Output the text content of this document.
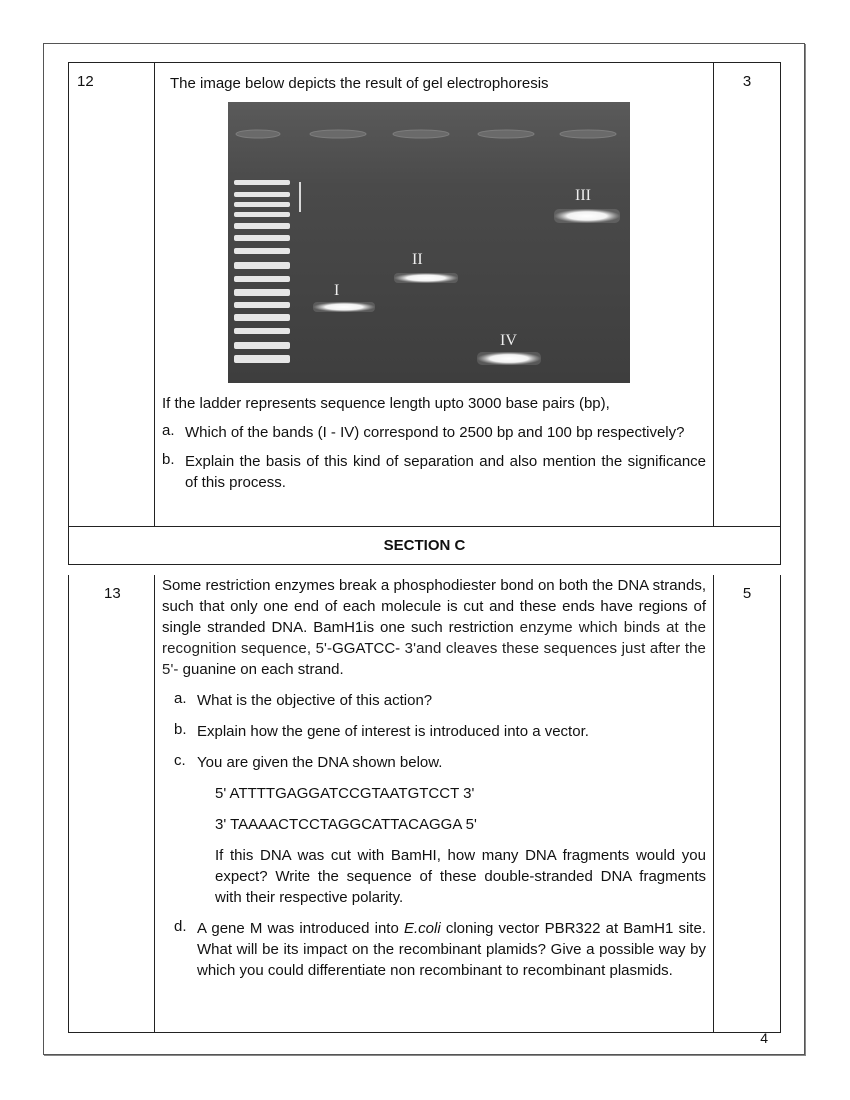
12	3

The image below depicts the result of gel electrophoresis

I
II
III
IV

If the ladder represents sequence length upto 3000 base pairs (bp),

a. Which of the bands (I - IV) correspond to 2500 bp and 100 bp respectively?
b. Explain the basis of this kind of separation and also mention the significance of this process.
SECTION C
13	5

Some restriction enzymes break a phosphodiester bond on both the DNA strands, such that only one end of each molecule is cut and these ends have regions of single stranded DNA. BamH1is one such restriction enzyme which binds at the recognition sequence, 5'-GGATCC- 3'and cleaves these sequences just after the 5'- guanine on each strand.

a. What is the objective of this action?
b. Explain how the gene of interest is introduced into a vector.
c. You are given the DNA shown below.

5' ATTTTGAGGATCCGTAATGTCCT 3'

3' TAAAACTCCTAGGCATTACAGGA 5'

If this DNA was cut with BamHI, how many DNA fragments would you expect? Write the sequence of these double-stranded DNA fragments with their respective polarity.

d. A gene M was introduced into E.coli cloning vector PBR322 at BamH1 site. What will be its impact on the recombinant plamids? Give a possible way by which you could differentiate non recombinant to recombinant plasmids.
4
